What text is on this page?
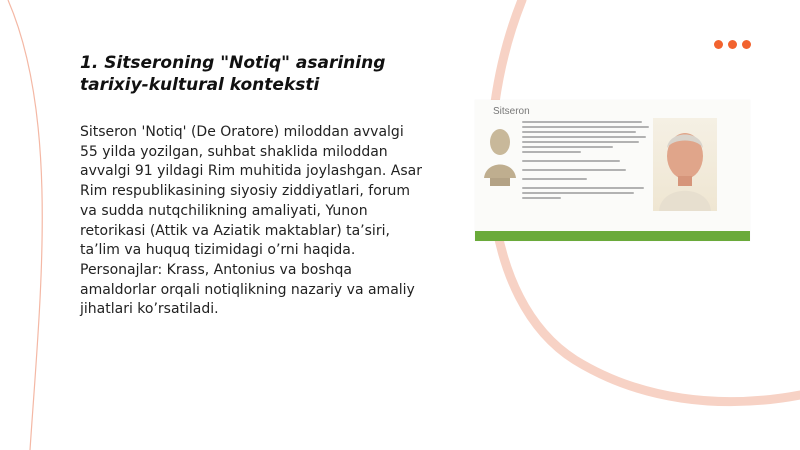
1. Sitseroning "Notiq" asarining tarixiy-kultural konteksti

Sitseron 'Notiq' (De Oratore) miloddan avvalgi 55 yilda yozilgan, suhbat shaklida miloddan avvalgi 91 yildagi Rim muhitida joylashgan. Asar Rim respublikasining siyosiy ziddiyatlari, forum va sudda nutqchilikning amaliyati, Yunon retorikasi (Attik va Aziatik maktablar) ta’siri, ta’lim va huquq tizimidagi o’rni haqida. Personajlar: Krass, Antonius va boshqa amaldorlar orqali notiqlikning nazariy va amaliy jihatlari ko’rsatiladi.

Sitseron
